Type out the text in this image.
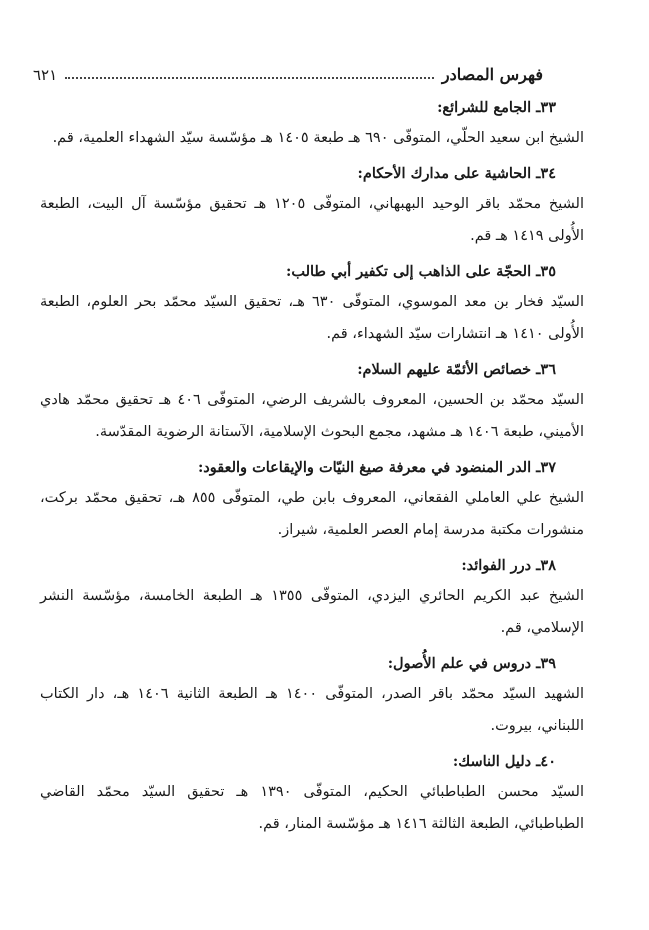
فهرس المصادر
٦٢١
٣٣ـ الجامع للشرائع:
الشيخ ابن سعيد الحلّي، المتوفّى ٦٩٠ هـ طبعة ١٤٠٥ هـ مؤسّسة سيّد الشهداء العلمية، قم.
٣٤ـ الحاشية على مدارك الأحكام:
الشيخ محمّد باقر الوحيد البهبهاني، المتوفّى ١٢٠٥ هـ تحقيق مؤسّسة آل البيت، الطبعة الأُولى ١٤١٩ هـ قم.
٣٥ـ الحجّة على الذاهب إلى تكفير أبي طالب:
السيّد فخار بن معد الموسوي، المتوفّى ٦٣٠ هـ، تحقيق السيّد محمّد بحر العلوم، الطبعة الأُولى ١٤١٠ هـ انتشارات سيّد الشهداء، قم.
٣٦ـ خصائص الأئمّة عليهم السلام:
السيّد محمّد بن الحسين، المعروف بالشريف الرضي، المتوفّى ٤٠٦ هـ تحقيق محمّد هادي الأميني، طبعة ١٤٠٦ هـ مشهد، مجمع البحوث الإسلامية، الآستانة الرضوية المقدّسة.
٣٧ـ الدر المنضود في معرفة صيغ النيّات والإيقاعات والعقود:
الشيخ علي العاملي الفقعاني، المعروف بابن طي، المتوفّى ٨٥٥ هـ، تحقيق محمّد بركت، منشورات مكتبة مدرسة إمام العصر العلمية، شيراز.
٣٨ـ درر الفوائد:
الشيخ عبد الكريم الحائري اليزدي، المتوفّى ١٣٥٥ هـ الطبعة الخامسة، مؤسّسة النشر الإسلامي، قم.
٣٩ـ دروس في علم الأُصول:
الشهيد السيّد محمّد باقر الصدر، المتوفّى ١٤٠٠ هـ الطبعة الثانية ١٤٠٦ هـ، دار الكتاب اللبناني، بيروت.
٤٠ـ دليل الناسك:
السيّد محسن الطباطبائي الحكيم، المتوفّى ١٣٩٠ هـ تحقيق السيّد محمّد القاضي الطباطبائي، الطبعة الثالثة ١٤١٦ هـ مؤسّسة المنار، قم.
